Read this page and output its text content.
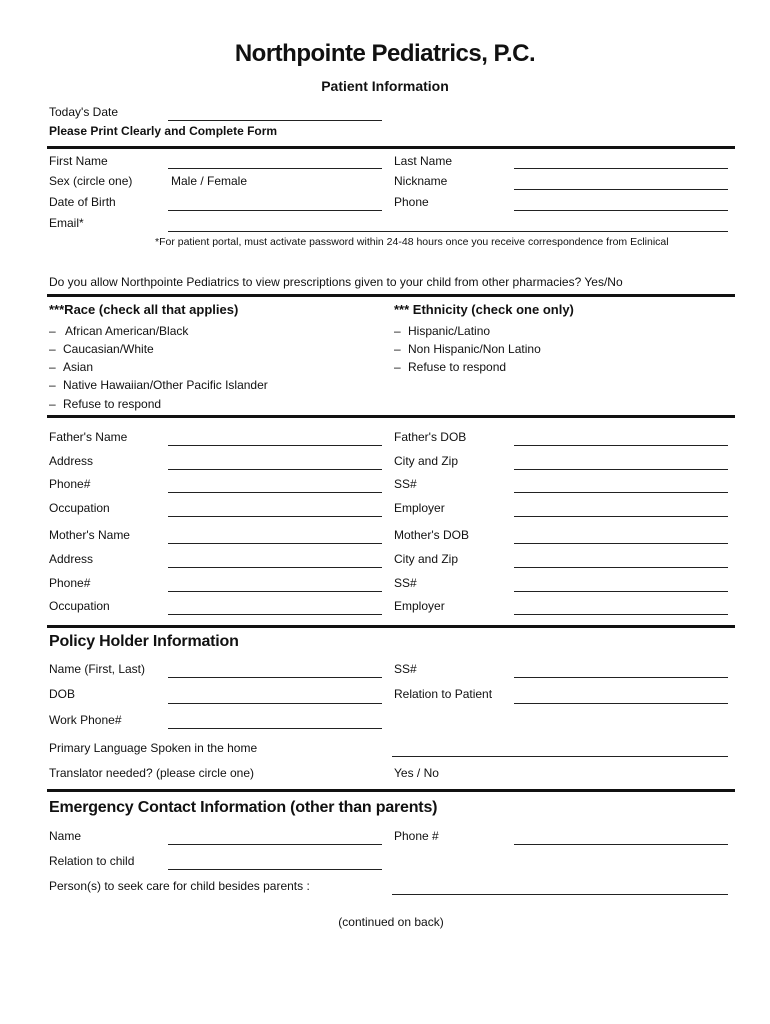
Northpointe Pediatrics, P.C.
Patient Information
Today's Date
Please Print Clearly and Complete Form
First Name	Last Name
Sex (circle one)	Male / Female	Nickname
Date of Birth	Phone
Email*
*For patient portal, must activate password within 24-48 hours once you receive correspondence from Eclinical
Do you allow Northpointe Pediatrics to view prescriptions given to your child from other pharmacies? Yes/No
***Race (check all that applies)
– African American/Black
– Caucasian/White
– Asian
– Native Hawaiian/Other Pacific Islander
– Refuse to respond
*** Ethnicity (check one only)
– Hispanic/Latino
– Non Hispanic/Non Latino
– Refuse to respond
Father's Name	Father's DOB
Address	City and Zip
Phone#	SS#
Occupation	Employer
Mother's Name	Mother's DOB
Address	City and Zip
Phone#	SS#
Occupation	Employer
Policy Holder Information
Name (First, Last)	SS#
DOB	Relation to Patient
Work Phone#
Primary Language Spoken in the home
Translator needed? (please circle one)	Yes / No
Emergency Contact Information (other than parents)
Name	Phone #
Relation to child
Person(s) to seek care for child besides parents :
(continued on back)
